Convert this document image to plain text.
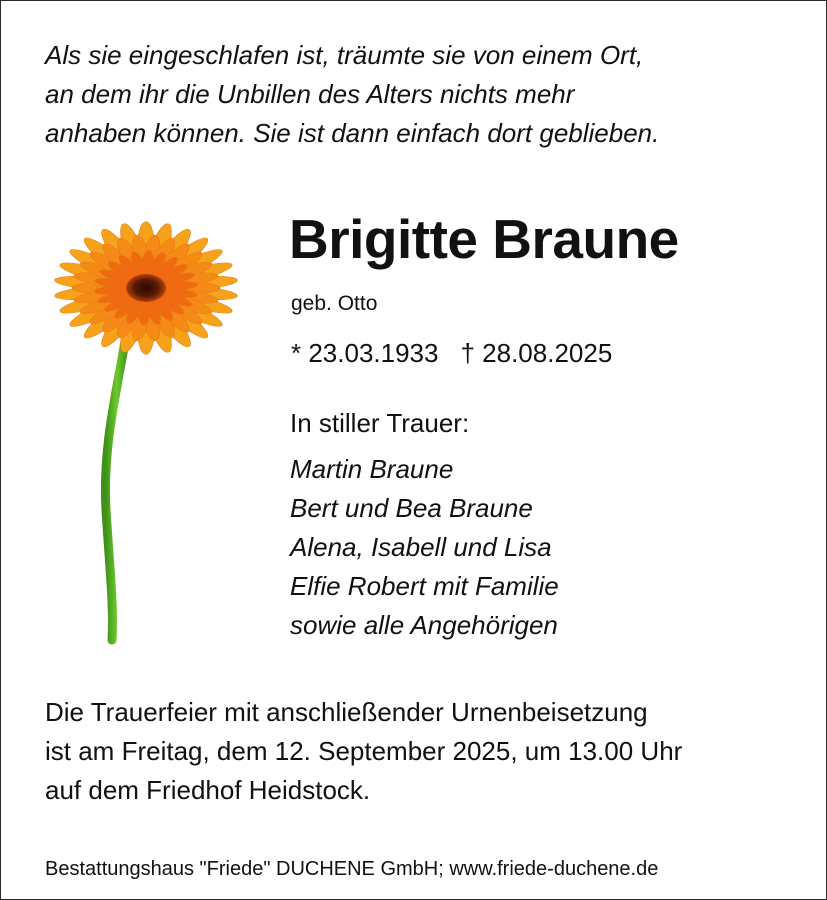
Als sie eingeschlafen ist, träumte sie von einem Ort,
an dem ihr die Unbillen des Alters nichts mehr
anhaben können. Sie ist dann einfach dort geblieben.
Brigitte Braune
geb. Otto
* 23.03.1933 † 28.08.2025
In stiller Trauer:
Martin Braune
Bert und Bea Braune
Alena, Isabell und Lisa
Elfie Robert mit Familie
sowie alle Angehörigen
Die Trauerfeier mit anschließender Urnenbeisetzung
ist am Freitag, dem 12. September 2025, um 13.00 Uhr
auf dem Friedhof Heidstock.
Bestattungshaus "Friede" DUCHENE GmbH; www.friede-duchene.de
